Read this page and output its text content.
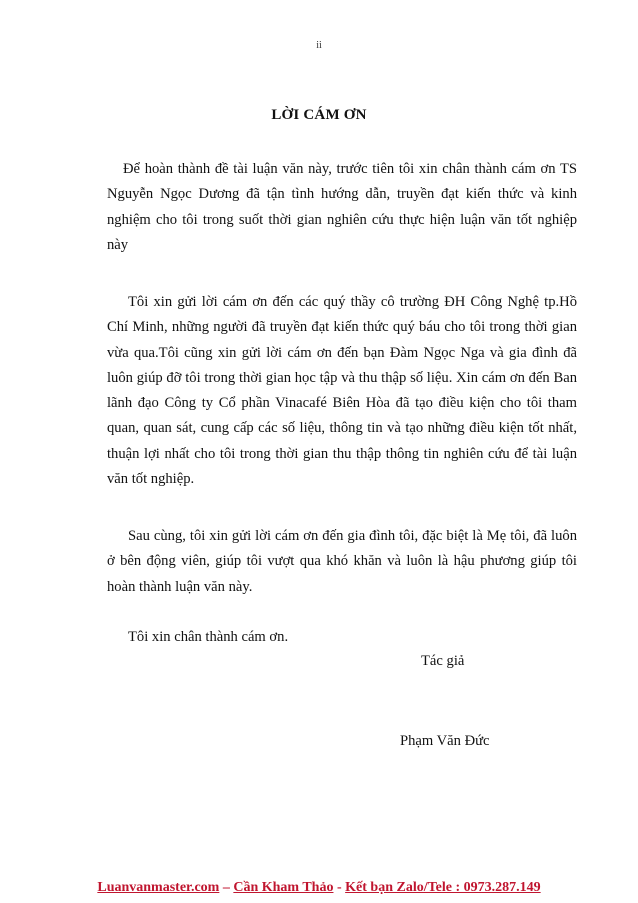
ii
LỜI CÁM ƠN

Để hoàn thành đề tài luận văn này, trước tiên tôi xin chân thành cám ơn TS Nguyễn Ngọc Dương đã tận tình hướng dẫn, truyền đạt kiến thức và kinh nghiệm cho tôi trong suốt thời gian nghiên cứu thực hiện luận văn tốt nghiệp này

Tôi xin gửi lời cám ơn đến các quý thầy cô trường ĐH Công Nghệ tp.Hồ Chí Minh, những người đã truyền đạt kiến thức quý báu cho tôi trong thời gian vừa qua.Tôi cũng xin gửi lời cám ơn đến bạn Đàm Ngọc Nga và gia đình đã luôn giúp đỡ tôi trong thời gian học tập và thu thập số liệu. Xin cám ơn đến Ban lãnh đạo Công ty Cổ phần Vinacafé Biên Hòa đã tạo điều kiện cho tôi tham quan, quan sát, cung cấp các số liệu, thông tin và tạo những điều kiện tốt nhất, thuận lợi nhất cho tôi trong thời gian thu thập thông tin nghiên cứu để tài luận văn tốt nghiệp.

Sau cùng, tôi xin gửi lời cám ơn đến gia đình tôi, đặc biệt là Mẹ tôi, đã luôn ở bên động viên, giúp tôi vượt qua khó khăn và luôn là hậu phương giúp tôi hoàn thành luận văn này.

Tôi xin chân thành cám ơn.

Tác giả
Phạm Văn Đức
Luanvanmaster.com – Cần Kham Thảo - Kết bạn Zalo/Tele : 0973.287.149
